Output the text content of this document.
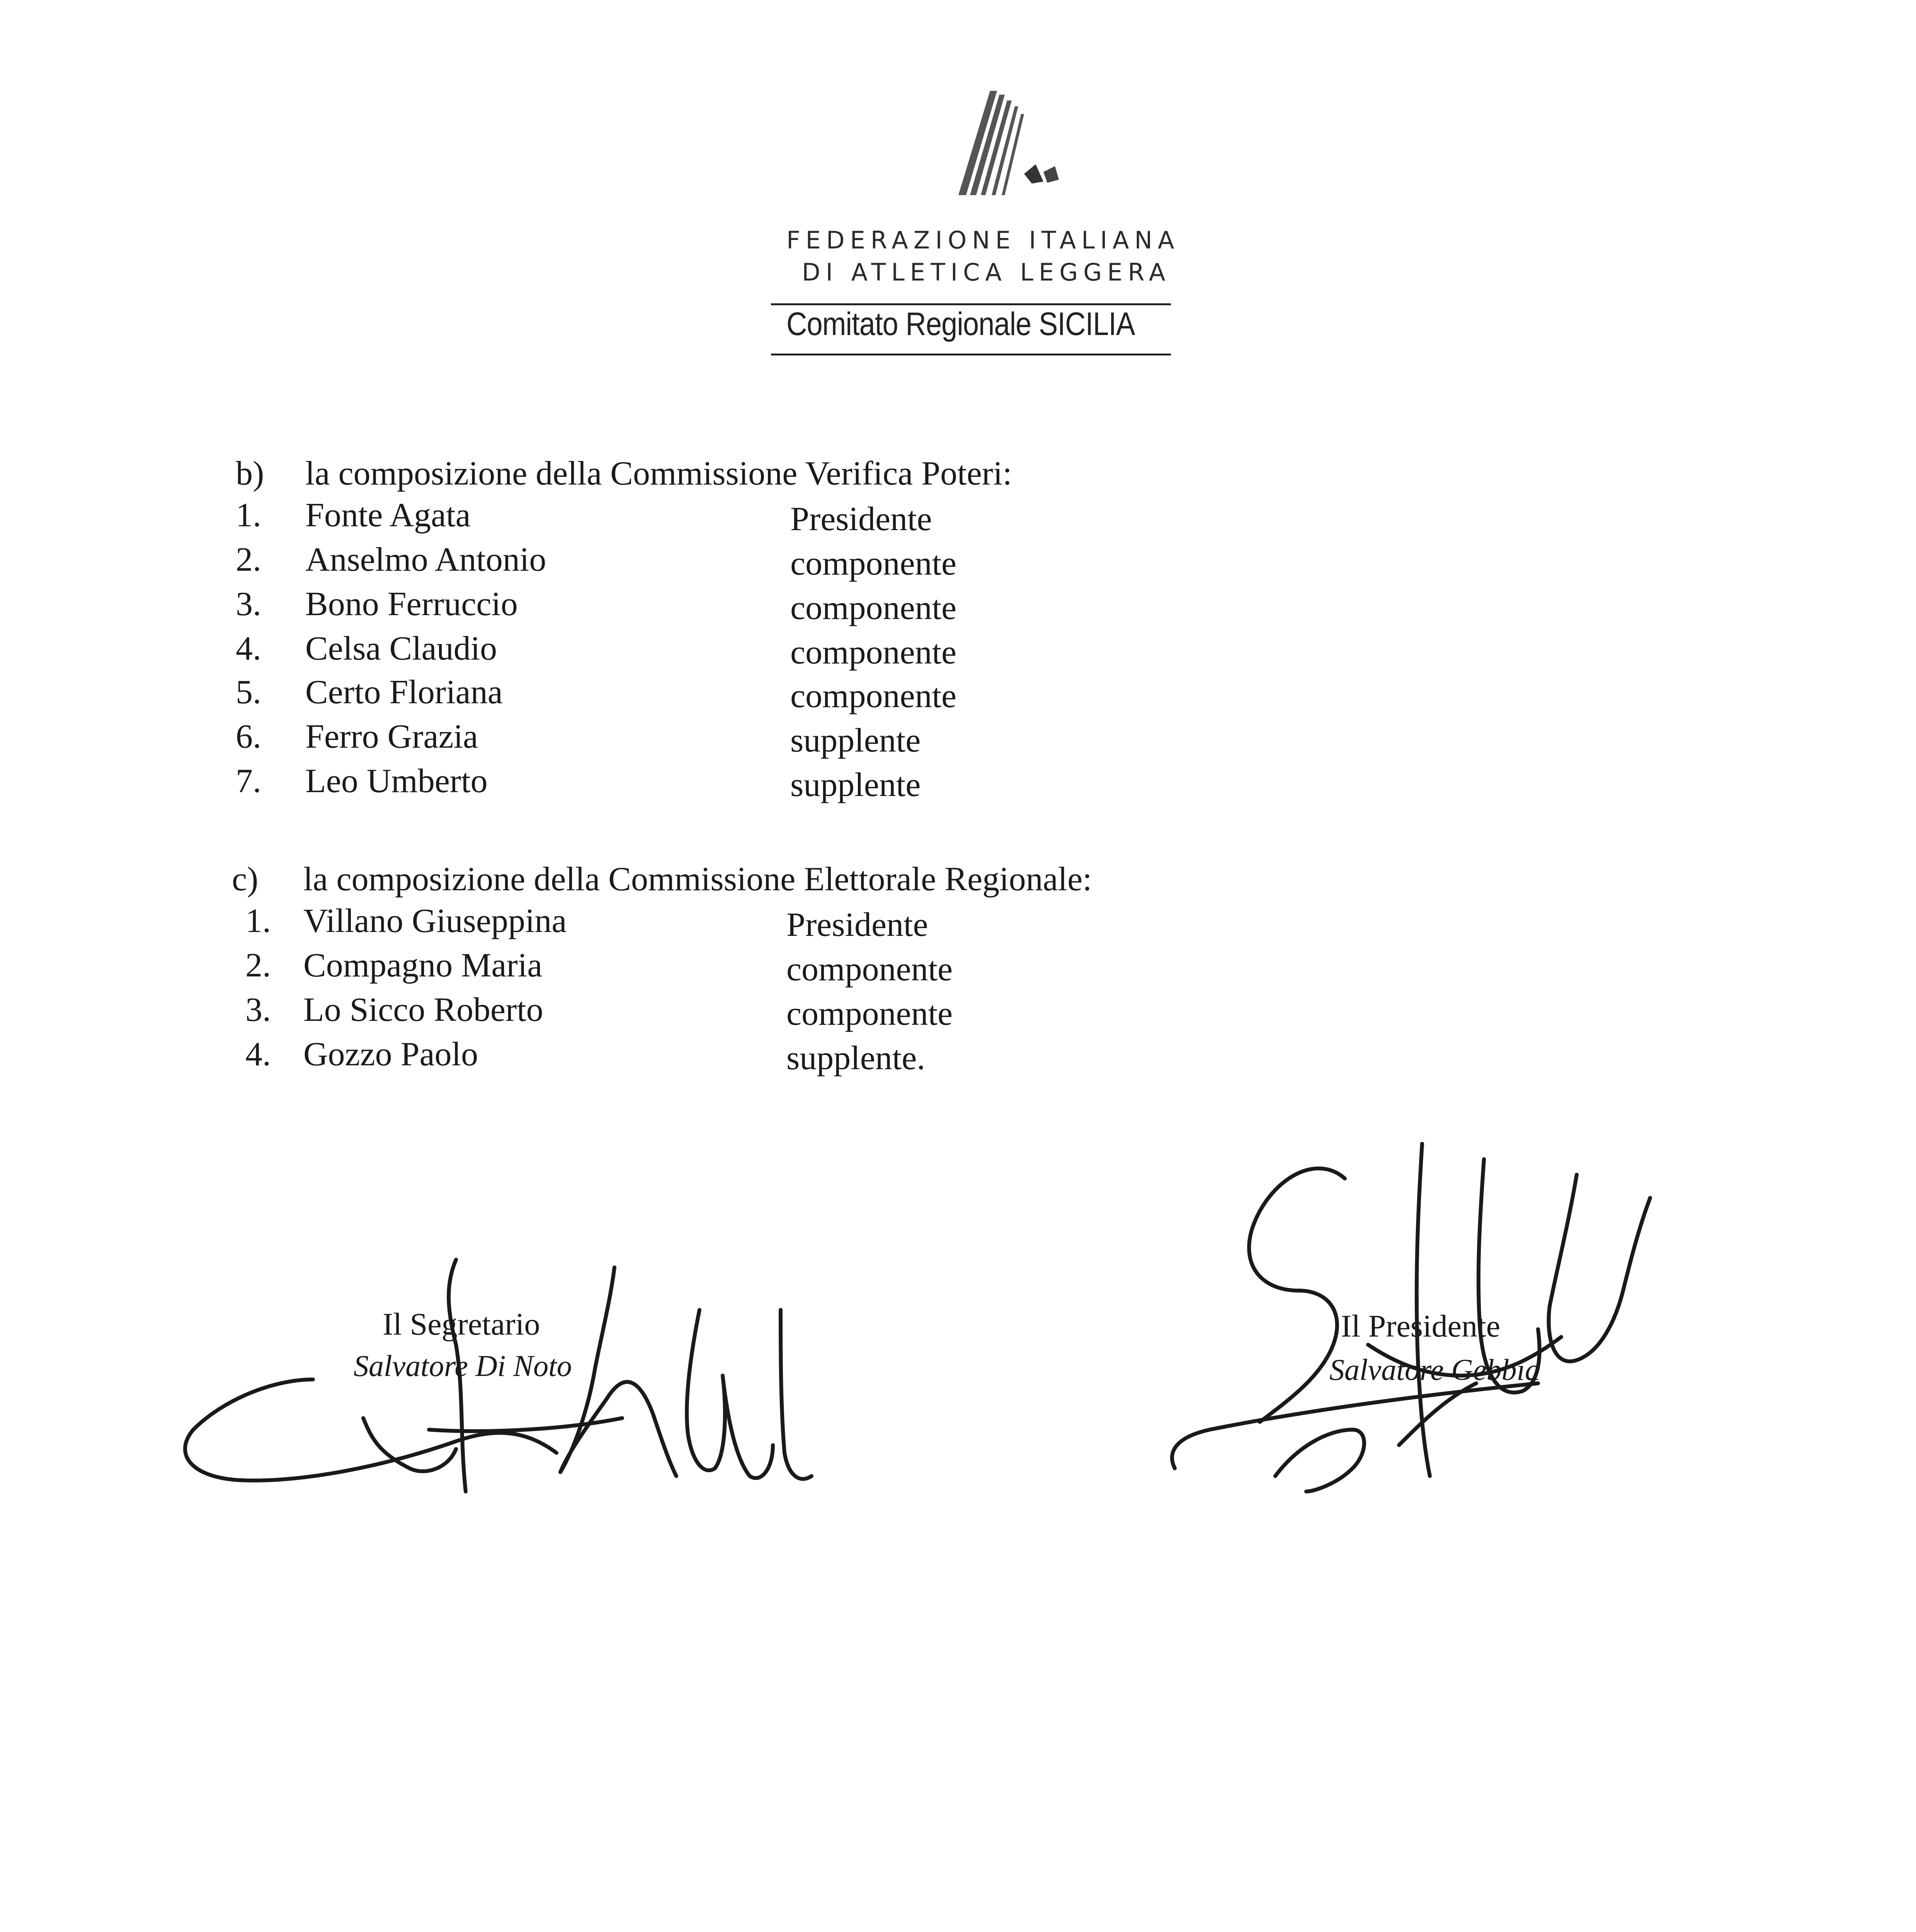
FEDERAZIONE ITALIANA
DI ATLETICA LEGGERA
Comitato Regionale SICILIA
b) la composizione della Commissione Verifica Poteri:
1. Fonte Agata	Presidente
2. Anselmo Antonio	componente
3. Bono Ferruccio	componente
4. Celsa Claudio	componente
5. Certo Floriana	componente
6. Ferro Grazia	supplente
7. Leo Umberto	supplente
c) la composizione della Commissione Elettorale Regionale:
1. Villano Giuseppina	Presidente
2. Compagno Maria	componente
3. Lo Sicco Roberto	componente
4. Gozzo Paolo	supplente.
Il Segretario
Salvatore Di Noto
Il Presidente
Salvatore Gebbia
